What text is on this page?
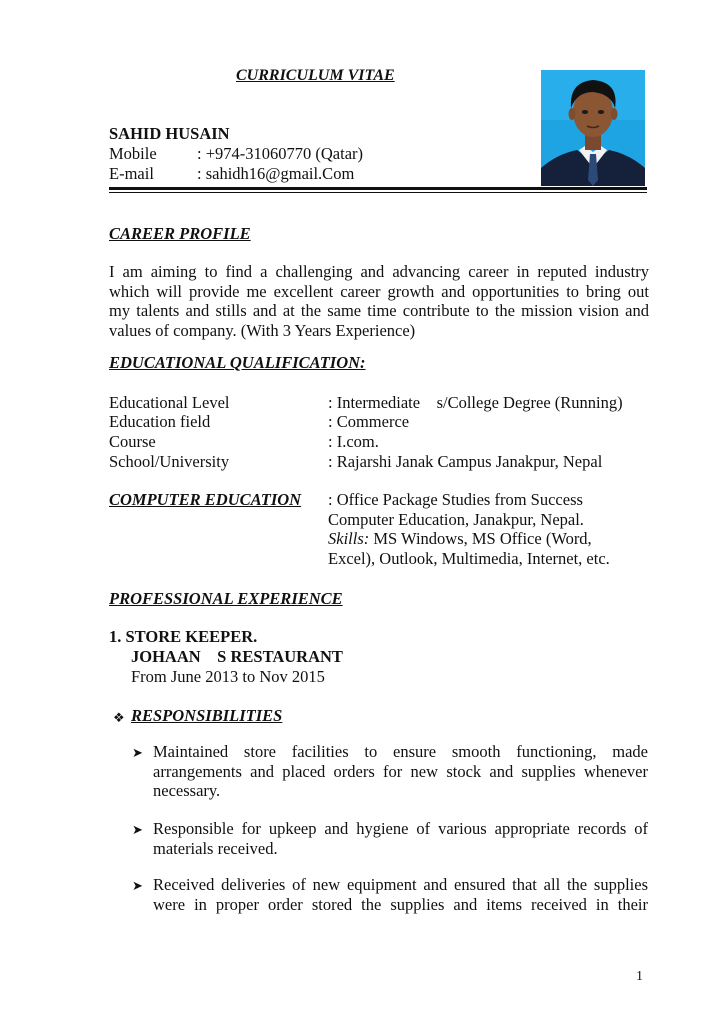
CURRICULUM VITAE
SAHID HUSAIN
Mobile : +974-31060770 (Qatar)
E-mail	: sahidh16@gmail.Com
CAREER PROFILE
I am aiming to find a challenging and advancing career in reputed industry
which will provide me excellent career growth and opportunities to bring out
my talents and stills and at the same time contribute to the mission vision and
values of company. (With 3 Years Experience)
EDUCATIONAL QUALIFICATION:
Educational Level	: Intermediate    s/College Degree (Running)
Education field	: Commerce
Course	: I.com.
School/University	: Rajarshi Janak Campus Janakpur, Nepal
COMPUTER EDUCATION : Office Package Studies from Success
Computer Education, Janakpur, Nepal.
Skills: MS Windows, MS Office (Word,
Excel), Outlook, Multimedia, Internet, etc.
PROFESSIONAL EXPERIENCE
1. STORE KEEPER.
JOHAAN    S RESTAURANT
From June 2013 to Nov 2015
❖ RESPONSIBILITIES
➤ Maintained store facilities to ensure smooth functioning, made
arrangements and placed orders for new stock and supplies whenever
necessary.
➤ Responsible for upkeep and hygiene of various appropriate records of
materials received.
➤ Received deliveries of new equipment and ensured that all the supplies
were in proper order stored the supplies and items received in their
1
